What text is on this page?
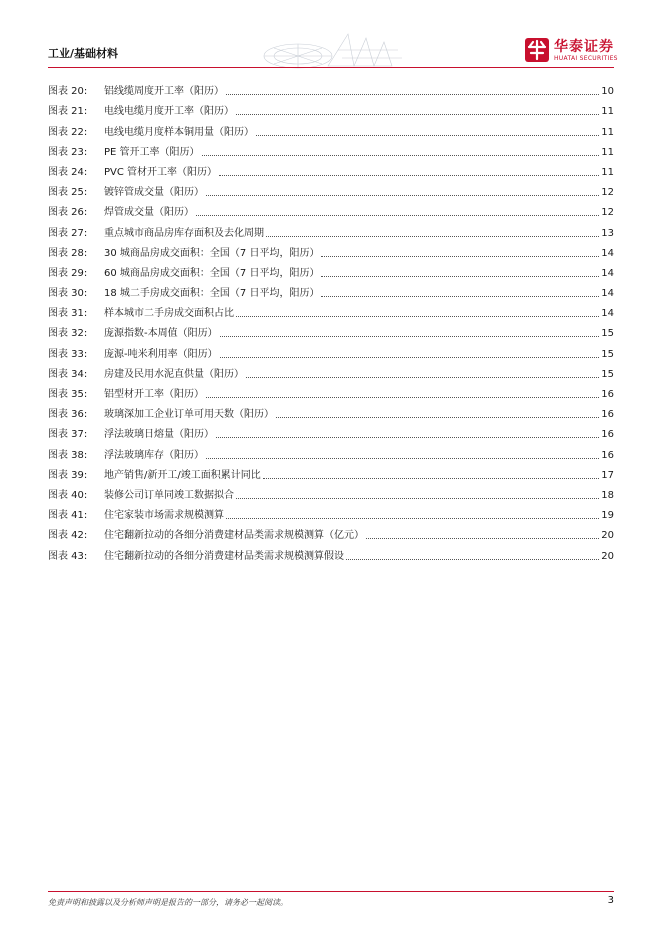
工业/基础材料	华泰证券
HUATAI SECURITIES
图表 20:	铝线缆周度开工率（阳历）	10
图表 21:	电线电缆月度开工率（阳历）	11
图表 22:	电线电缆月度样本铜用量（阳历）	11
图表 23:	PE 管开工率（阳历）	11
图表 24:	PVC 管材开工率（阳历）	11
图表 25:	镀锌管成交量（阳历）	12
图表 26:	焊管成交量（阳历）	12
图表 27:	重点城市商品房库存面积及去化周期	13
图表 28:	30 城商品房成交面积：全国（7 日平均，阳历）	14
图表 29:	60 城商品房成交面积：全国（7 日平均，阳历）	14
图表 30:	18 城二手房成交面积：全国（7 日平均，阳历）	14
图表 31:	样本城市二手房成交面积占比	14
图表 32:	庞源指数-本周值（阳历）	15
图表 33:	庞源-吨米利用率（阳历）	15
图表 34:	房建及民用水泥直供量（阳历）	15
图表 35:	铝型材开工率（阳历）	16
图表 36:	玻璃深加工企业订单可用天数（阳历）	16
图表 37:	浮法玻璃日熔量（阳历）	16
图表 38:	浮法玻璃库存（阳历）	16
图表 39:	地产销售/新开工/竣工面积累计同比	17
图表 40:	装修公司订单同竣工数据拟合	18
图表 41:	住宅家装市场需求规模测算	19
图表 42:	住宅翻新拉动的各细分消费建材品类需求规模测算（亿元）	20
图表 43:	住宅翻新拉动的各细分消费建材品类需求规模测算假设	20
免责声明和披露以及分析师声明是报告的一部分，请务必一起阅读。	3
